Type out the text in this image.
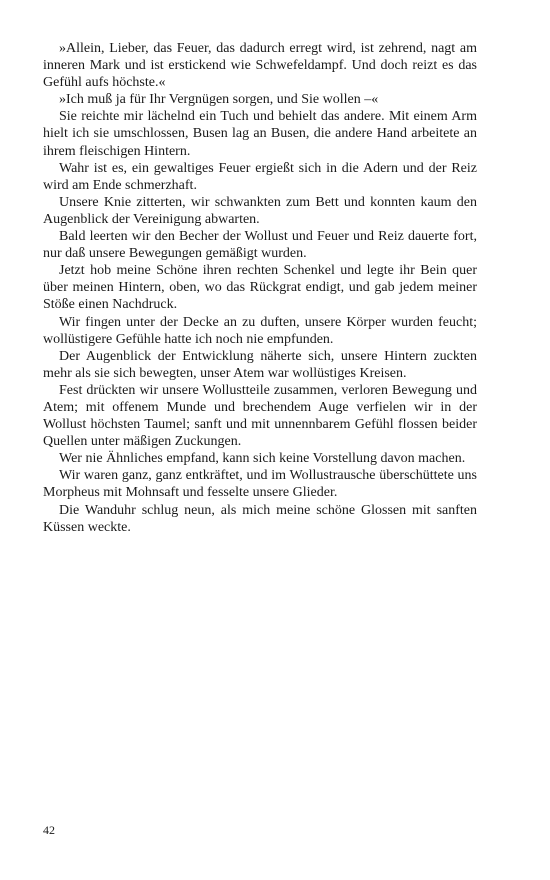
»Allein, Lieber, das Feuer, das dadurch erregt wird, ist zehrend, nagt am inneren Mark und ist erstickend wie Schwefeldampf. Und doch reizt es das Gefühl aufs höchste.«

»Ich muß ja für Ihr Vergnügen sorgen, und Sie wollen –«

Sie reichte mir lächelnd ein Tuch und behielt das andere. Mit einem Arm hielt ich sie umschlossen, Busen lag an Busen, die andere Hand arbeitete an ihrem fleischigen Hintern.

Wahr ist es, ein gewaltiges Feuer ergießt sich in die Adern und der Reiz wird am Ende schmerzhaft.

Unsere Knie zitterten, wir schwankten zum Bett und konnten kaum den Augenblick der Vereinigung abwarten.

Bald leerten wir den Becher der Wollust und Feuer und Reiz dauerte fort, nur daß unsere Bewegungen gemäßigt wurden.

Jetzt hob meine Schöne ihren rechten Schenkel und legte ihr Bein quer über meinen Hintern, oben, wo das Rückgrat endigt, und gab jedem meiner Stöße einen Nachdruck.

Wir fingen unter der Decke an zu duften, unsere Körper wurden feucht; wollüstigere Gefühle hatte ich noch nie empfunden.

Der Augenblick der Entwicklung näherte sich, unsere Hintern zuckten mehr als sie sich bewegten, unser Atem war wollüstiges Kreisen.

Fest drückten wir unsere Wollustteile zusammen, verloren Bewegung und Atem; mit offenem Munde und brechendem Auge verfielen wir in der Wollust höchsten Taumel; sanft und mit unnennbarem Gefühl flossen beider Quellen unter mäßigen Zuckungen.

Wer nie Ähnliches empfand, kann sich keine Vorstellung davon machen.

Wir waren ganz, ganz entkräftet, und im Wollustrausche überschüttete uns Morpheus mit Mohnsaft und fesselte unsere Glieder.

Die Wanduhr schlug neun, als mich meine schöne Glossen mit sanften Küssen weckte.

42
